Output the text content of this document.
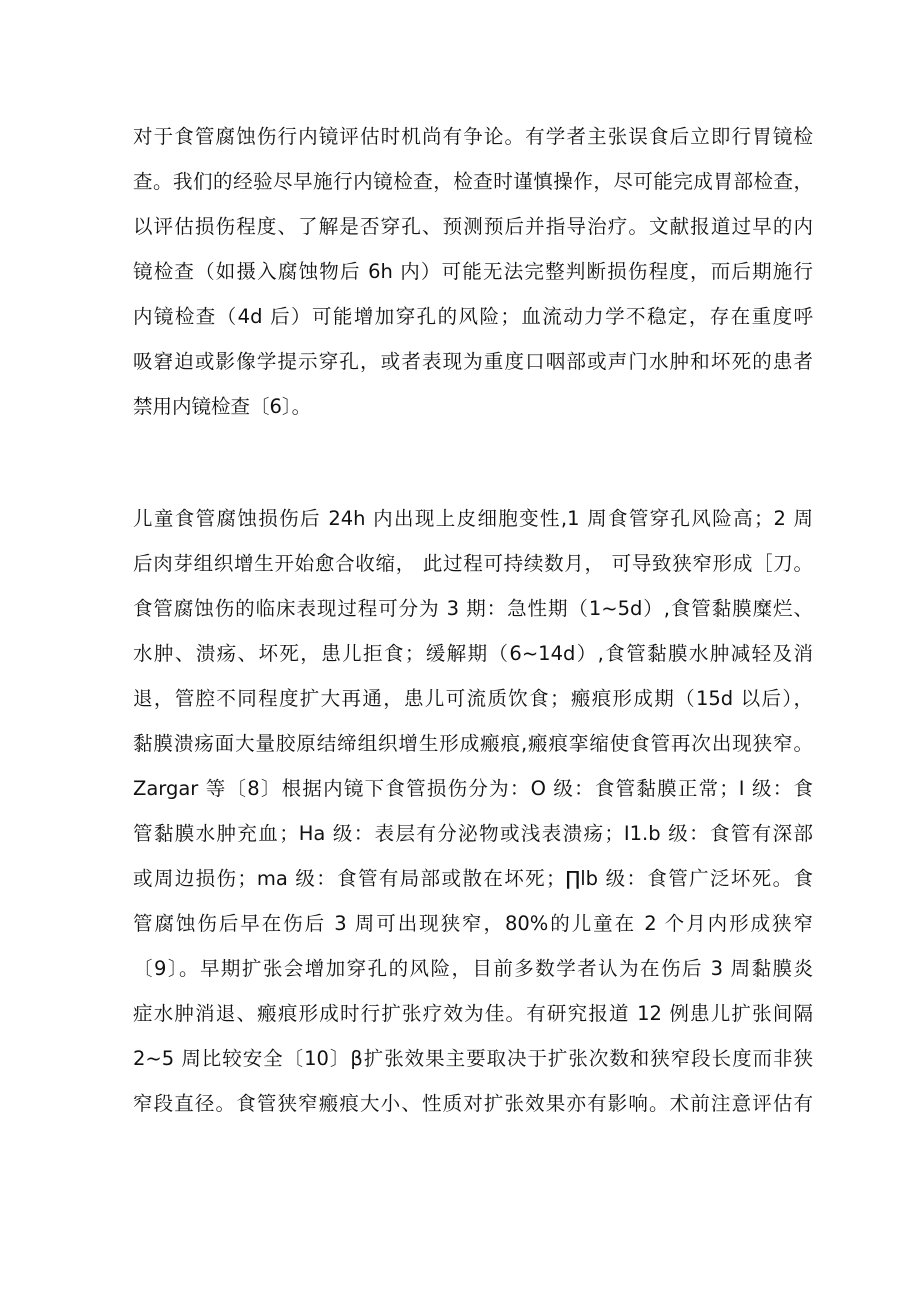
对于食管腐蚀伤行内镜评估时机尚有争论。有学者主张误食后立即行胃镜检
查。我们的经验尽早施行内镜检查，检查时谨慎操作，尽可能完成胃部检查，
以评估损伤程度、了解是否穿孔、预测预后并指导治疗。文献报道过早的内
镜检查（如摄入腐蚀物后 6h 内）可能无法完整判断损伤程度，而后期施行
内镜检查（4d 后）可能增加穿孔的风险；血流动力学不稳定，存在重度呼
吸窘迫或影像学提示穿孔，或者表现为重度口咽部或声门水肿和坏死的患者
禁用内镜检查〔6〕。
儿童食管腐蚀损伤后 24h 内出现上皮细胞变性,1 周食管穿孔风险高；2 周
后肉芽组织增生开始愈合收缩， 此过程可持续数月， 可导致狭窄形成［刀。
食管腐蚀伤的临床表现过程可分为 3 期：急性期（1~5d）,食管黏膜糜烂、
水肿、溃疡、坏死，患儿拒食；缓解期（6~14d）,食管黏膜水肿减轻及消
退，管腔不同程度扩大再通，患儿可流质饮食；瘢痕形成期（15d 以后），
黏膜溃疡面大量胶原结缔组织增生形成瘢痕,瘢痕挛缩使食管再次出现狭窄。
Zargar 等〔8〕根据内镜下食管损伤分为：O 级：食管黏膜正常；I 级：食
管黏膜水肿充血；Ha 级：表层有分泌物或浅表溃疡；I1.b 级：食管有深部
或周边损伤；ma 级：食管有局部或散在坏死；∏lb 级：食管广泛坏死。食
管腐蚀伤后早在伤后 3 周可出现狭窄，80%的儿童在 2 个月内形成狭窄
〔9〕。早期扩张会增加穿孔的风险，目前多数学者认为在伤后 3 周黏膜炎
症水肿消退、瘢痕形成时行扩张疗效为佳。有研究报道 12 例患儿扩张间隔
2~5 周比较安全〔10〕β扩张效果主要取决于扩张次数和狭窄段长度而非狭
窄段直径。食管狭窄瘢痕大小、性质对扩张效果亦有影响。术前注意评估有
